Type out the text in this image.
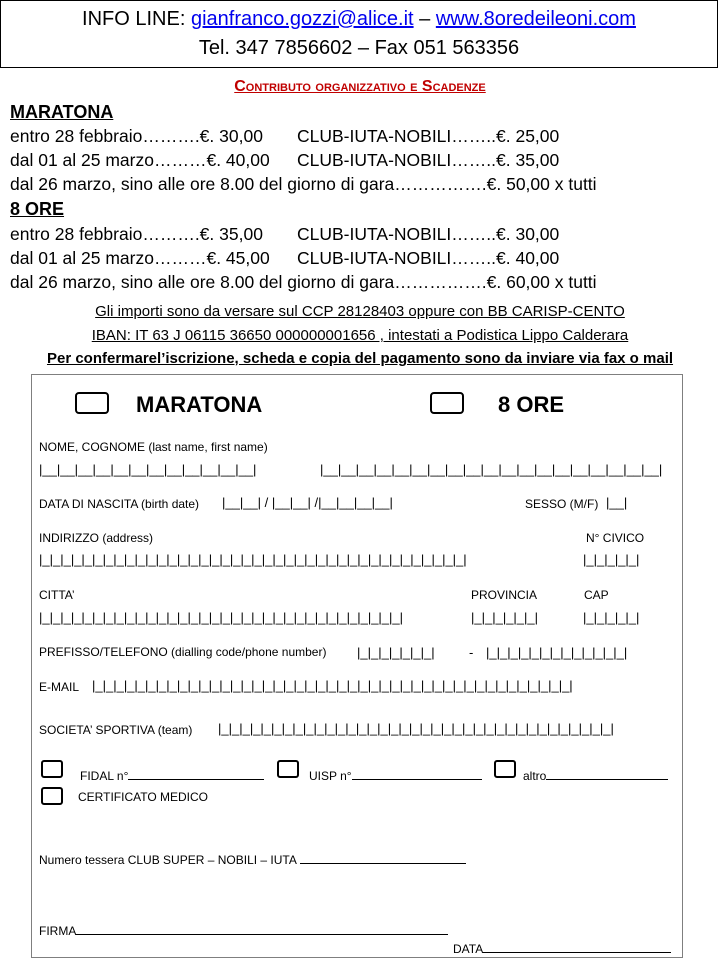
INFO LINE: gianfranco.gozzi@alice.it – www.8oredeileoni.com
Tel. 347 7856602 – Fax 051 563356
Contributo organizzativo e Scadenze
MARATONA
entro 28 febbraio……….€. 30,00 CLUB-IUTA-NOBILI……..€. 25,00
dal 01 al 25 marzo………€. 40,00 CLUB-IUTA-NOBILI……..€. 35,00
dal 26 marzo, sino alle ore 8.00 del giorno di gara…………….€. 50,00 x tutti
8 ORE
entro 28 febbraio……….€. 35,00 CLUB-IUTA-NOBILI……..€. 30,00
dal 01 al 25 marzo………€. 45,00 CLUB-IUTA-NOBILI……..€. 40,00
dal 26 marzo, sino alle ore 8.00 del giorno di gara…………….€. 60,00 x tutti
Gli importi sono da versare sul CCP 28128403 oppure con BB CARISP-CENTO
IBAN: IT 63 J 06115 36650 000000001656 , intestati a Podistica Lippo Calderara
Per confermarel’iscrizione, scheda e copia del pagamento sono da inviare via fax o mail
MARATONA	8 ORE
NOME, COGNOME (last name, first name)
|__|__|__|__|__|__|__|__|__|__|__|__|	|__|__|__|__|__|__|__|__|__|__|__|__|__|__|__|__|__|__|__|
DATA DI NASCITA (birth date) |__|__| / |__|__| /|__|__|__|__|	SESSO (M/F) |__|
INDIRIZZO (address)	N° CIVICO
|_|_|_|_|_|_|_|_|_|_|_|_|_|_|_|_|_|_|_|_|_|_|_|_|_|_|_|_|_|_|_|_|_|_|_|_|_|_|_|_|	|_|_|_|_|_|
CITTA’	PROVINCIA	CAP
|_|_|_|_|_|_|_|_|_|_|_|_|_|_|_|_|_|_|_|_|_|_|_|_|_|_|_|_|_|_|_|_|_|_|	|_|_|_|_|_|_|	|_|_|_|_|_|
PREFISSO/TELEFONO (dialling code/phone number) |_|_|_|_|_|_|_|	- |_|_|_|_|_|_|_|_|_|_|_|_|_|
E-MAIL |_|_|_|_|_|_|_|_|_|_|_|_|_|_|_|_|_|_|_|_|_|_|_|_|_|_|_|_|_|_|_|_|_|_|_|_|_|_|_|_|_|_|_|_|_|
SOCIETA’ SPORTIVA (team) |_|_|_|_|_|_|_|_|_|_|_|_|_|_|_|_|_|_|_|_|_|_|_|_|_|_|_|_|_|_|_|_|_|_|_|_|_|
FIDAL n°	UISP n°	altro
CERTIFICATO MEDICO
Numero tessera CLUB SUPER – NOBILI – IUTA
FIRMA
DATA
